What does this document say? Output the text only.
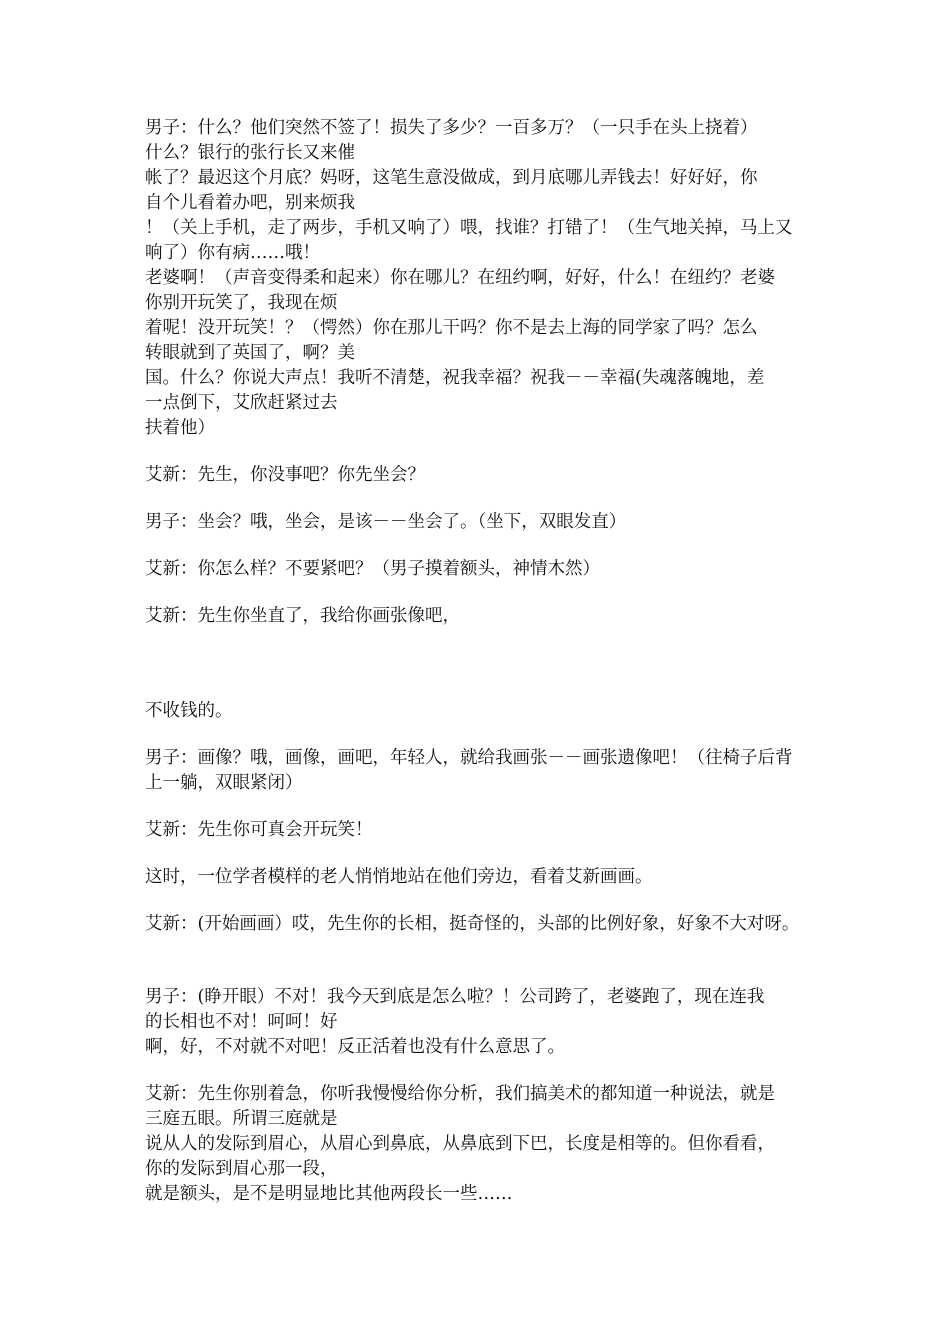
男子：什么？他们突然不签了！损失了多少？一百多万？（一只手在头上挠着）
什么？银行的张行长又来催
帐了？最迟这个月底？妈呀，这笔生意没做成，到月底哪儿弄钱去！好好好，你
自个儿看着办吧，别来烦我
！（关上手机，走了两步，手机又响了）喂，找谁？打错了！（生气地关掉，马上又
响了）你有病……哦！
老婆啊！（声音变得柔和起来）你在哪儿？在纽约啊，好好，什么！在纽约？老婆
你别开玩笑了，我现在烦
着呢！没开玩笑！？（愕然）你在那儿干吗？你不是去上海的同学家了吗？怎么
转眼就到了英国了，啊？美
国。什么？你说大声点！我听不清楚，祝我幸福？祝我－－幸福(失魂落魄地，差
一点倒下，艾欣赶紧过去
扶着他）
艾新：先生，你没事吧？你先坐会？
男子：坐会？哦，坐会，是该－－坐会了。（坐下，双眼发直）
艾新：你怎么样？不要紧吧？（男子摸着额头，神情木然）
艾新：先生你坐直了，我给你画张像吧，
不收钱的。
男子：画像？哦，画像，画吧，年轻人，就给我画张－－画张遗像吧！（往椅子后背
上一躺，双眼紧闭）
艾新：先生你可真会开玩笑！
这时，一位学者模样的老人悄悄地站在他们旁边，看着艾新画画。
艾新：(开始画画）哎，先生你的长相，挺奇怪的，头部的比例好象，好象不大对呀。
男子：(睁开眼）不对！我今天到底是怎么啦？！公司跨了，老婆跑了，现在连我
的长相也不对！呵呵！好
啊，好，不对就不对吧！反正活着也没有什么意思了。
艾新：先生你别着急，你听我慢慢给你分析，我们搞美术的都知道一种说法，就是
三庭五眼。所谓三庭就是
说从人的发际到眉心，从眉心到鼻底，从鼻底到下巴，长度是相等的。但你看看，
你的发际到眉心那一段，
就是额头，是不是明显地比其他两段长一些……
